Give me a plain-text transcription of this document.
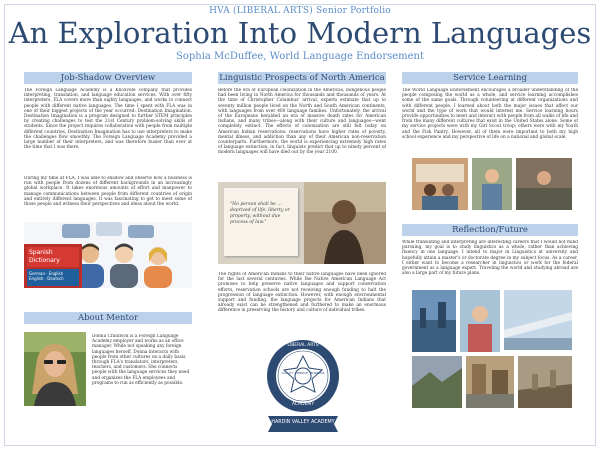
HVA (LIBERAL ARTS) Senior Portfolio
An Exploration Into Modern Languages
Sophia McDuffee, World Language Endorsement
Job-Shadow Overview
The Foreign Language Academy is a Knoxville company that provides interpreting, translation, and language education services. With over fifty interpreters, FLA covers more than eighty languages, and works to connect people with different native languages. The time I spent with FLA was in one of their biggest projects of the year occurred: Destination Imagination. Destination Imagination is a program designed to further STEM principles by creating challenges to test the 21st Century problem-solving skills of students. Since the project requires collaboration with people from multiple different countries, Destination Imagination has to use interpreters to make the challenges flow smoothly. The Foreign Language Academy provided a large number of their interpreters, and was therefore busier than ever at the time that I was there.
During my time at FLA, I was able to shadow and observe how a business is run with people from dozens of different backgrounds in an increasingly global workplace. It takes enormous amounts of effort and manpower to manage communications between people from different countries of origin and entirely different languages. It was fascinating to get to meet some of those people and witness their perspectives and ideas about the world.
Spanish Dictionary
German · English
English · Deutsch
About Mentor
Donna Craddock is a Foreign Language Academy employer and works as an office manager. While not speaking any foreign languages herself, Donna interacts with people from other cultures on a daily basis through FLA's translators, interpreters, teachers, and customers. She connects people with the language services they need and organizes the FLA employees and programs to run as efficiently as possible.
Linguistic Prospects of North America
Before the era of European colonization in the Americas, indigenous people had been living in North America for thousands and thousands of years. At the time of Christopher Columbus' arrival, experts estimate that up to seventy million people lived on the North and South American continents, with languages from over 400 language families. Unfortunately, the arrival of the Europeans heralded an era of massive death rates for American Indians, and many tribes—along with their culture and languages—went completely extinct. The effects of colonization are still felt today on American Indian reservations: reservations have higher rates of poverty, mental illness, and addiction than any of their American non-reservation counterparts. Furthermore, the world is experiencing extremely high rates of language extinction; in fact, linguists predict that up to ninety percent of modern languages will have died out by the year 2100.
"No person shall be ... deprived of life, liberty or property, without due process of law."
The rights of American Indians to their native languages have been ignored for the last several centuries. While the Native American Language Act promises to help preserve native languages and support conservation efforts, reservation schools are not receiving enough funding to halt the progression of language extinction. However, with enough environmental support and funding, the language projects for American Indians that already exist can be strengthened and furthered to make an enormous difference in preserving the history and culture of individual tribes.
LIBERAL ARTS
ACADEMY
QUALITY · SERVICE · BUSINESS
HARDIN VALLEY ACADEMY
Service Learning
The World Language Endorsement encourages a broader understanding of the people composing the world as a whole, and service learning accomplishes some of the same goals. Through volunteering at different organizations and with different people, I learned about both the major issues that affect our world and the type of work that would interest me. Service learning hours provide opportunities to meet and interact with people from all walks of life and from the many different cultures that exist in the United States alone. Some of my service projects were with my Girl Scout troop; others were with my Youth and the Fish Pantry. However, all of them were important to both my high school experience and my perspective of life on a national and global scale.
Reflection/Future
While translating and interpreting are interesting careers that I would not mind pursuing, my goal is to study linguistics as a whole, rather than achieving fluency in one language. I intend to major in Linguistics at university and hopefully attain a master's or doctorate degree in my subject focus. As a career, I either want to become a researcher in linguistics or work for the federal government as a language expert. Traveling the world and studying abroad are also a large part of my future plans.
